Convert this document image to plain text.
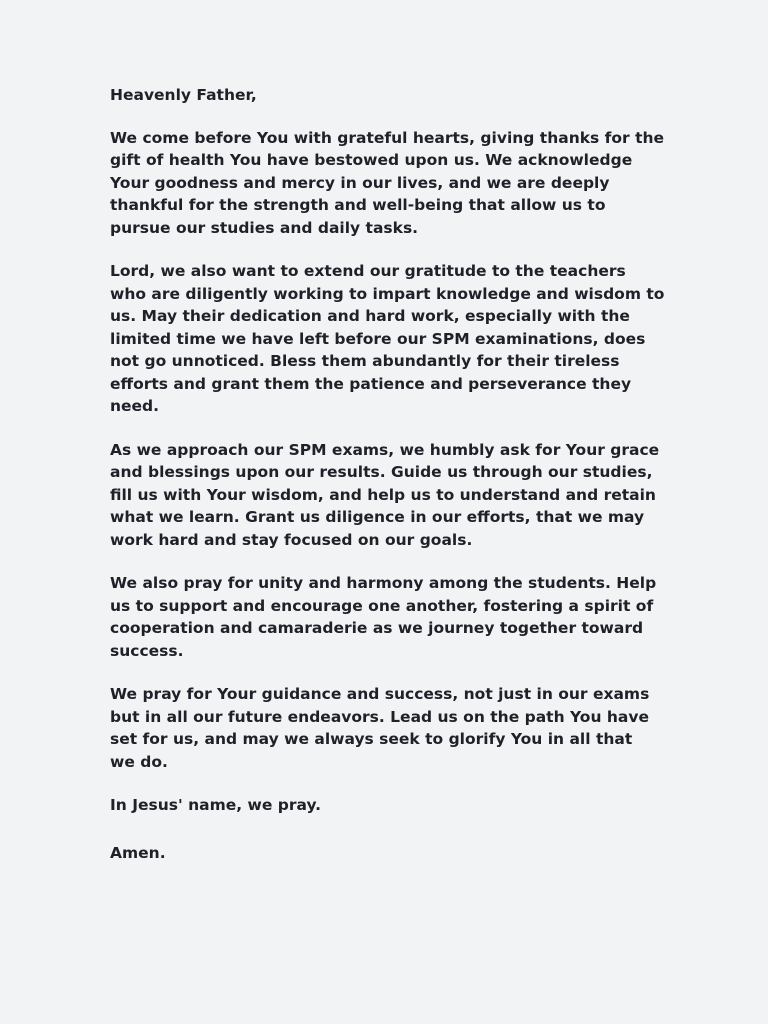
Heavenly Father,
We come before You with grateful hearts, giving thanks for the
gift of health You have bestowed upon us. We acknowledge
Your goodness and mercy in our lives, and we are deeply
thankful for the strength and well-being that allow us to
pursue our studies and daily tasks.
Lord, we also want to extend our gratitude to the teachers
who are diligently working to impart knowledge and wisdom to
us. May their dedication and hard work, especially with the
limited time we have left before our SPM examinations, does
not go unnoticed. Bless them abundantly for their tireless
efforts and grant them the patience and perseverance they
need.
As we approach our SPM exams, we humbly ask for Your grace
and blessings upon our results. Guide us through our studies,
fill us with Your wisdom, and help us to understand and retain
what we learn. Grant us diligence in our efforts, that we may
work hard and stay focused on our goals.
We also pray for unity and harmony among the students. Help
us to support and encourage one another, fostering a spirit of
cooperation and camaraderie as we journey together toward
success.
We pray for Your guidance and success, not just in our exams
but in all our future endeavors. Lead us on the path You have
set for us, and may we always seek to glorify You in all that
we do.
In Jesus' name, we pray.
Amen.
